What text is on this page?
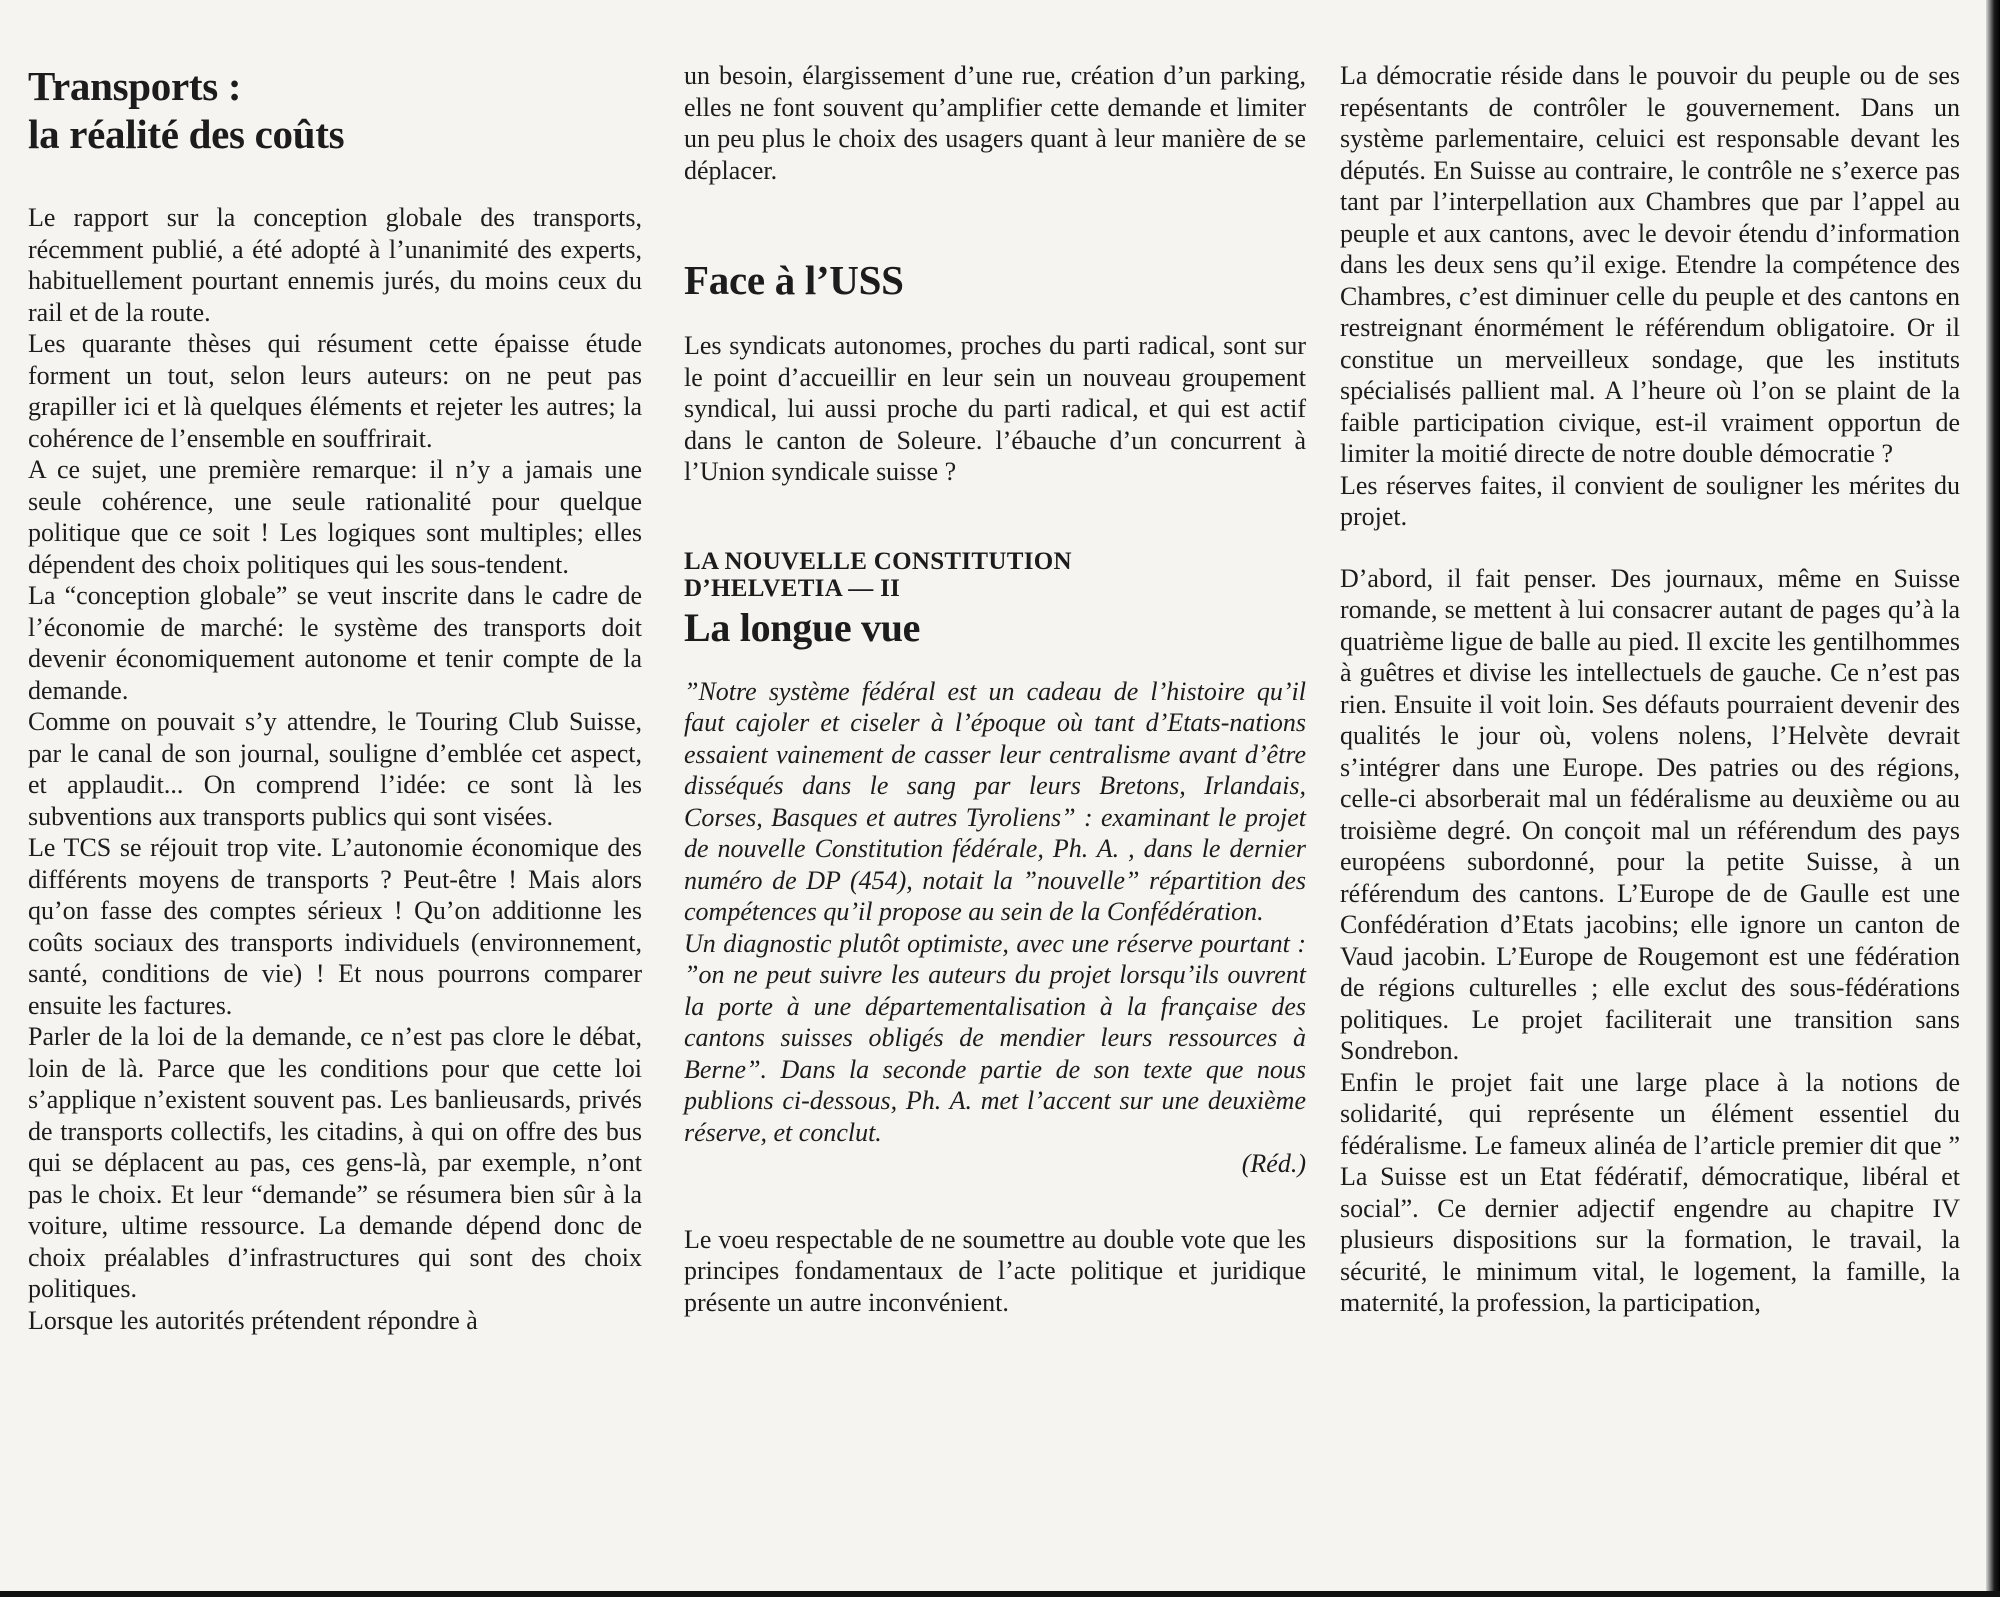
Transports :
la réalité des coûts

Le rapport sur la conception globale des transports, récemment publié, a été adopté à l’unanimité des experts, habituellement pourtant ennemis jurés, du moins ceux du rail et de la route.

Les quarante thèses qui résument cette épaisse étude forment un tout, selon leurs auteurs: on ne peut pas grapiller ici et là quelques éléments et rejeter les autres; la cohérence de l’ensemble en souffrirait.

A ce sujet, une première remarque: il n’y a jamais une seule cohérence, une seule rationalité pour quelque politique que ce soit ! Les logiques sont multiples; elles dépendent des choix politiques qui les sous-tendent.

La “conception globale” se veut inscrite dans le cadre de l’économie de marché: le système des transports doit devenir économiquement autonome et tenir compte de la demande.

Comme on pouvait s’y attendre, le Touring Club Suisse, par le canal de son journal, souligne d’emblée cet aspect, et applaudit... On comprend l’idée: ce sont là les subventions aux transports publics qui sont visées.

Le TCS se réjouit trop vite. L’autonomie économique des différents moyens de transports ? Peut-être ! Mais alors qu’on fasse des comptes sérieux ! Qu’on additionne les coûts sociaux des transports individuels (environnement, santé, conditions de vie) ! Et nous pourrons comparer ensuite les factures.

Parler de la loi de la demande, ce n’est pas clore le débat, loin de là. Parce que les conditions pour que cette loi s’applique n’existent souvent pas. Les banlieusards, privés de transports collectifs, les citadins, à qui on offre des bus qui se déplacent au pas, ces gens-là, par exemple, n’ont pas le choix. Et leur “demande” se résumera bien sûr à la voiture, ultime ressource. La demande dépend donc de choix préalables d’infrastructures qui sont des choix politiques.

Lorsque les autorités prétendent répondre à

un besoin, élargissement d’une rue, création d’un parking, elles ne font souvent qu’amplifier cette demande et limiter un peu plus le choix des usagers quant à leur manière de se déplacer.

Face à l’USS

Les syndicats autonomes, proches du parti radical, sont sur le point d’accueillir en leur sein un nouveau groupement syndical, lui aussi proche du parti radical, et qui est actif dans le canton de Soleure. l’ébauche d’un concurrent à l’Union syndicale suisse ?

LA NOUVELLE CONSTITUTION
D’HELVETIA — II
La longue vue

”Notre système fédéral est un cadeau de l’histoire qu’il faut cajoler et ciseler à l’époque où tant d’Etats-nations essaient vainement de casser leur centralisme avant d’être disséqués dans le sang par leurs Bretons, Irlandais, Corses, Basques et autres Tyroliens” : examinant le projet de nouvelle Constitution fédérale, Ph. A. , dans le dernier numéro de DP (454), notait la ”nouvelle” répartition des compétences qu’il propose au sein de la Confédération.

Un diagnostic plutôt optimiste, avec une réserve pourtant : ”on ne peut suivre les auteurs du projet lorsqu’ils ouvrent la porte à une départementalisation à la française des cantons suisses obligés de mendier leurs ressources à Berne”. Dans la seconde partie de son texte que nous publions ci-dessous, Ph. A. met l’accent sur une deuxième réserve, et conclut.

(Réd.)

Le voeu respectable de ne soumettre au double vote que les principes fondamentaux de l’acte politique et juridique présente un autre inconvénient.

La démocratie réside dans le pouvoir du peuple ou de ses repésentants de contrôler le gouvernement. Dans un système parlementaire, celuici est responsable devant les députés. En Suisse au contraire, le contrôle ne s’exerce pas tant par l’interpellation aux Chambres que par l’appel au peuple et aux cantons, avec le devoir étendu d’information dans les deux sens qu’il exige. Etendre la compétence des Chambres, c’est diminuer celle du peuple et des cantons en restreignant énormément le référendum obligatoire. Or il constitue un merveilleux sondage, que les instituts spécialisés pallient mal. A l’heure où l’on se plaint de la faible participation civique, est-il vraiment opportun de limiter la moitié directe de notre double démocratie ?

Les réserves faites, il convient de souligner les mérites du projet.

D’abord, il fait penser. Des journaux, même en Suisse romande, se mettent à lui consacrer autant de pages qu’à la quatrième ligue de balle au pied. Il excite les gentilhommes à guêtres et divise les intellectuels de gauche. Ce n’est pas rien. Ensuite il voit loin. Ses défauts pourraient devenir des qualités le jour où, volens nolens, l’Helvète devrait s’intégrer dans une Europe. Des patries ou des régions, celle-ci absorberait mal un fédéralisme au deuxième ou au troisième degré. On conçoit mal un référendum des pays européens subordonné, pour la petite Suisse, à un référendum des cantons. L’Europe de de Gaulle est une Confédération d’Etats jacobins; elle ignore un canton de Vaud jacobin. L’Europe de Rougemont est une fédération de régions culturelles ; elle exclut des sous-fédérations politiques. Le projet faciliterait une transition sans Sondrebon.

Enfin le projet fait une large place à la notions de solidarité, qui représente un élément essentiel du fédéralisme. Le fameux alinéa de l’article premier dit que ” La Suisse est un Etat fédératif, démocratique, libéral et social”. Ce dernier adjectif engendre au chapitre IV plusieurs dispositions sur la formation, le travail, la sécurité, le minimum vital, le logement, la famille, la maternité, la profession, la participation,
